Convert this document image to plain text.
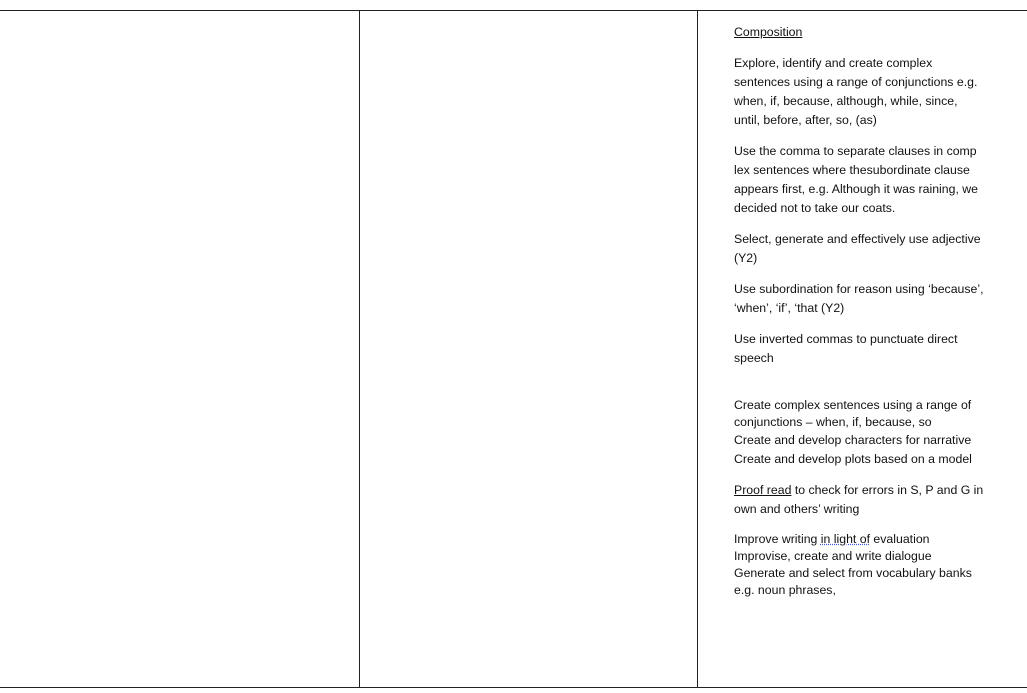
Composition

Explore, identify and create complex sentences using a range of conjunctions e.g. when, if, because, although, while, since, until, before, after, so, (as)

Use the comma to separate clauses in comp
lex sentences where thesubordinate clause
appears first, e.g. Although it was raining, we decided not to take our coats.

Select, generate and effectively use adjective (Y2)

Use subordination for reason using ‘because’, ‘when’, ‘if’, ‘that (Y2)

Use inverted commas to punctuate direct speech

Create complex sentences using a range of conjunctions – when, if, because, so

Create and develop characters for narrative Create and develop plots based on a model

Proof read to check for errors in S, P and G in own and others’ writing

Improve writing in light of evaluation

Improvise, create and write dialogue

Generate and select from vocabulary banks e.g. noun phrases,
